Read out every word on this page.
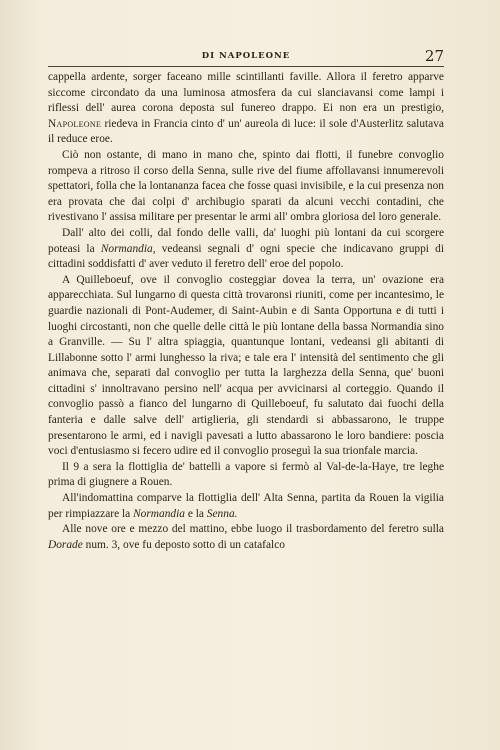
DI NAPOLEONE	27

cappella ardente, sorger faceano mille scintillanti faville. Allora il feretro apparve siccome circondato da una luminosa atmosfera da cui slanciavansi come lampi i riflessi dell' aurea corona deposta sul funereo drappo. Ei non era un prestigio, Napoleone riedeva in Francia cinto d' un' aureola di luce: il sole d'Austerlitz salutava il reduce eroe.

Ciò non ostante, di mano in mano che, spinto dai flotti, il funebre convoglio rompeva a ritroso il corso della Senna, sulle rive del fiume affollavansi innumerevoli spettatori, folla che la lontananza facea che fosse quasi invisibile, e la cui presenza non era provata che dai colpi d' archibugio sparati da alcuni vecchi contadini, che rivestivano l' assisa militare per presentar le armi all' ombra gloriosa del loro generale.

Dall' alto dei colli, dal fondo delle valli, da' luoghi più lontani da cui scorgere poteasi la Normandia, vedeansi segnali d' ogni specie che indicavano gruppi di cittadini soddisfatti d' aver veduto il feretro dell' eroe del popolo.

A Quilleboeuf, ove il convoglio costeggiar dovea la terra, un' ovazione era apparecchiata. Sul lungarno di questa città trovaronsi riuniti, come per incantesimo, le guardie nazionali di Pont-Audemer, di Saint-Aubin e di Santa Opportuna e di tutti i luoghi circostanti, non che quelle delle città le più lontane della bassa Normandia sino a Granville. — Su l' altra spiaggia, quantunque lontani, vedeansi gli abitanti di Lillabonne sotto l' armi lunghesso la riva; e tale era l' intensità del sentimento che gli animava che, separati dal convoglio per tutta la larghezza della Senna, que' buoni cittadini s' innoltravano persino nell' acqua per avvicinarsi al corteggio. Quando il convoglio passò a fianco del lungarno di Quilleboeuf, fu salutato dai fuochi della fanteria e dalle salve dell' artiglieria, gli stendardi si abbassarono, le truppe presentarono le armi, ed i navigli pavesati a lutto abassarono le loro bandiere: poscia voci d'entusiasmo si fecero udire ed il convoglio proseguì la sua trionfale marcia.

Il 9 a sera la flottiglia de' battelli a vapore si fermò al Val-de-la-Haye, tre leghe prima di giugnere a Rouen.

All'indomattina comparve la flottiglia dell' Alta Senna, partita da Rouen la vigilia per rimpiazzare la Normandia e la Senna.

Alle nove ore e mezzo del mattino, ebbe luogo il trasbordamento del feretro sulla Dorade num. 3, ove fu deposto sotto di un catafalco
